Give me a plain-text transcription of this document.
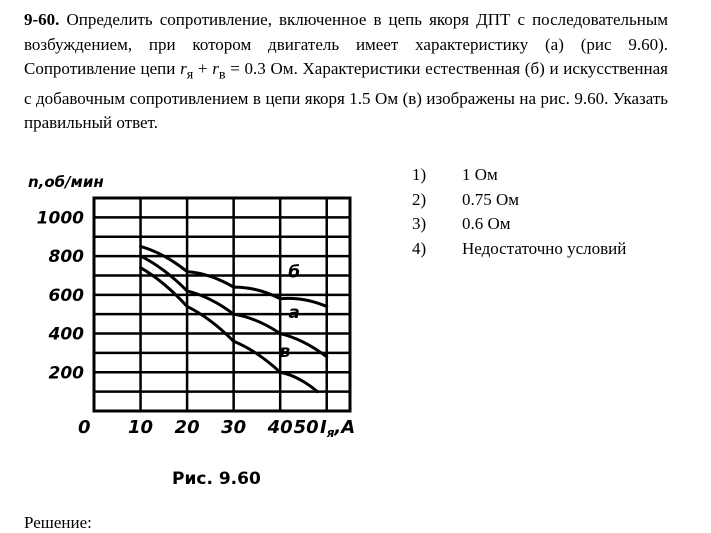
9-60. Определить сопротивление, включенное в цепь якоря ДПТ с последовательным возбуждением, при котором двигатель имеет характеристику (а) (рис 9.60). Сопротивление цепи $r_я + r_в = 0.3$ Ом. Характеристики естественная (б) и искусственная с добавочным сопротивлением в цепи якоря 1.5 Ом (в) изображены на рис. 9.60. Указать правильный ответ.
1)	1 Ом
2)	0.75 Ом
3)	0.6 Ом
4)	Недостаточно условий
n,об/мин
200
400
600
800
1000
10 20 30 40 50
0	$I_я,A$
б
а
в
Рис. 9.60
Решение:
